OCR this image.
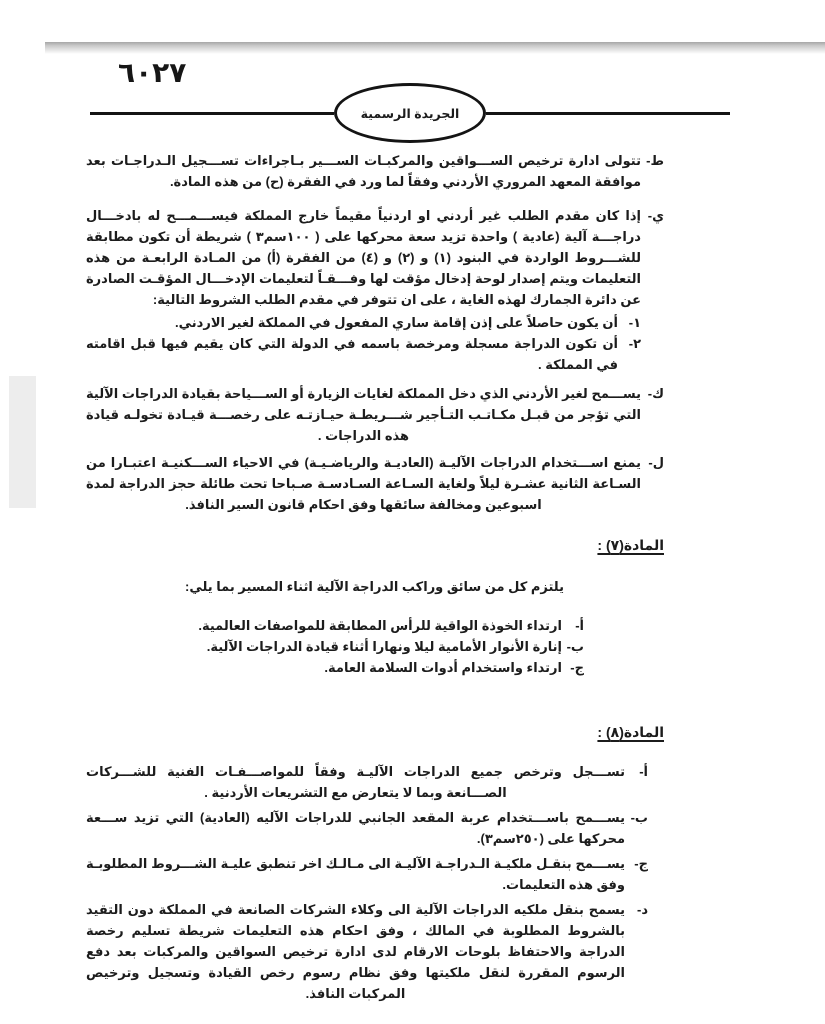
٦٠٢٧
الجريدة الرسمية
ط-
تتولى ادارة ترخيص الســـواقين والمركبـات الســـير بـاجراءات تســـجيل الـدراجـات بعد موافقة المعهد المروري الأردني وفقاً لما ورد في الفقرة (ح) من هذه المادة.
ي-
إذا كان مقدم الطلب غير أردني او اردنياً مقيماً خارج المملكة فيســـمـــح له بادخـــال دراجـــة آلية (عادية ) واحدة تزيد سعة محركها على ( ١٠٠سم٣ ) شريطة أن تكون مطابقة للشـــروط الواردة في البنود (١) و (٢) و (٤) من الفقرة (أ) من المـادة الرابعـة من هذه التعليمات ويتم إصدار لوحة إدخال مؤقت لها وفـــقـاً لتعليمات الإدخـــال المؤقـت الصادرة عن دائرة الجمارك لهذه الغاية ، على ان تتوفر في مقدم الطلب الشروط التالية:
١-
أن يكون حاصلاً على إذن إقامة ساري المفعول في المملكة لغير الاردني.
٢-
أن تكون الدراجة مسجلة ومرخصة باسمه في الدولة التي كان يقيم فيها قبل اقامته في المملكة .
ك-
يســـمح لغير الأردني الذي دخل المملكة لغايات الزيارة أو الســـياحة بقيادة الدراجات الآلية التي تؤجر من قبـل مكـاتـب التـأجير شـــريطـة حيـازتـه على رخصـــة قيـادة تخولـه قيادة هذه الدراجات .
ل-
يمنع اســـتخدام الدراجات الآليـة (العاديـة والرياضـيـة) في الاحياء الســـكنيـة اعتبـارا من السـاعة الثانية عشـرة ليلاً ولغاية السـاعة السـادسـة صـباحا تحت طائلة حجز الدراجة لمدة اسبوعين ومخالفة سائقها وفق احكام قانون السير النافذ.
المادة(٧) :
يلتزم كل من سائق وراكب الدراجة الآلية اثناء المسير بما يلي:
أ-
ارتداء الخوذة الواقية للرأس المطابقة للمواصفات العالمية.
ب-
إنارة الأنوار الأمامية ليلا ونهارا أثناء قيادة الدراجات الآلية.
ج-
ارتداء واستخدام أدوات السلامة العامة.
المادة(٨) :
أ-
تســـجل وترخص جميع الدراجات الآليـة وفقاً للمواصـــفـات الفنية للشـــركات الصـــانعة وبما لا يتعارض مع التشريعات الأردنية .
ب-
يســـمح باســـتخدام عربة المقعد الجانبي للدراجات الآليه (العادية) التي تزيد ســـعة محركها على (٢٥٠سم٣).
ج-
يســـمح بنقـل ملكيـة الـدراجـة الآليـة الى مـالـك اخر تنطبق عليـة الشـــروط المطلوبـة وفق هذه التعليمات.
د-
يسمح بنقل ملكيه الدراجات الآلية الى وكلاء الشركات الصانعة في المملكة دون التقيد بالشروط المطلوبة في المالك ، وفق احكام هذه التعليمات شريطة تسليم رخصة الدراجة والاحتفاظ بلوحات الارقام لدى ادارة ترخيص السواقين والمركبات بعد دفع الرسوم المقررة لنقل ملكيتها وفق نظام رسوم رخص القيادة وتسجيل وترخيص المركبات النافذ.
